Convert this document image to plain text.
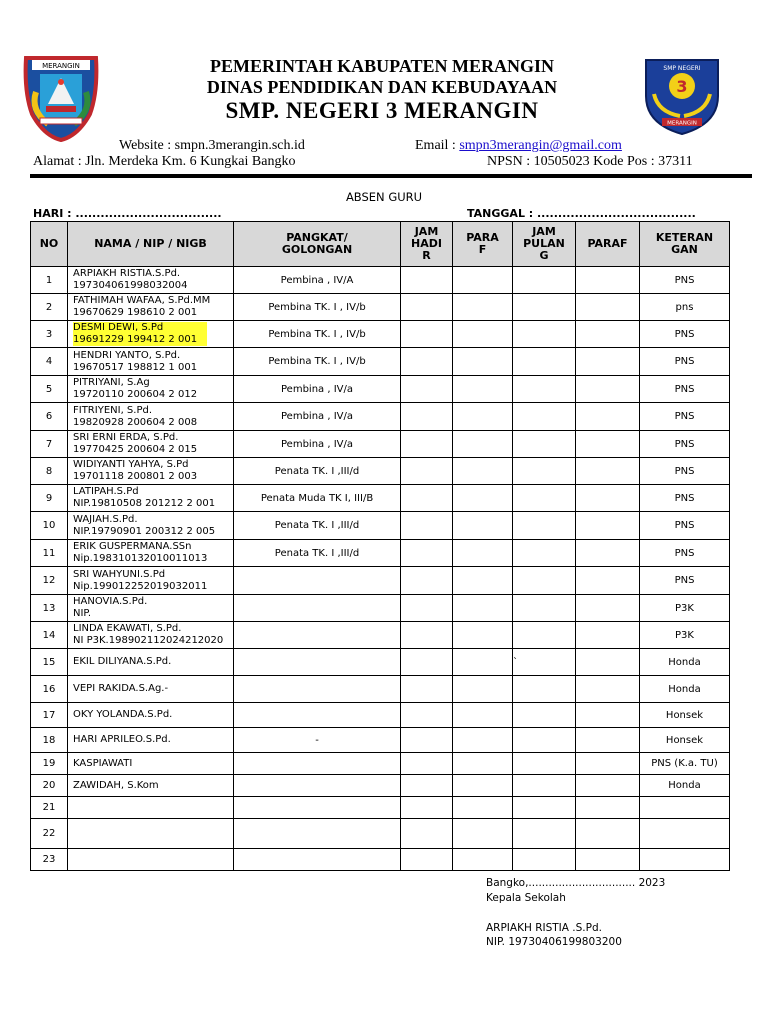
MERANGIN	SMP NEGERI
3
MERANGIN
PEMERINTAH KABUPATEN MERANGIN
DINAS PENDIDIKAN DAN KEBUDAYAAN
SMP. NEGERI 3 MERANGIN
Website : smpn.3merangin.sch.id	Email : smpn3merangin@gmail.com
Alamat : Jln. Merdeka Km. 6 Kungkai Bangko	NPSN : 10505023 Kode Pos : 37311
ABSEN GURU
HARI : ...................................	TANGGAL : ......................................
NO	NAMA / NIP / NIGB	PANGKAT/
GOLONGAN	JAM
HADI
R	PARA
F	JAM
PULAN
G	PARAF	KETERAN
GAN
1	ARPIAKH RISTIA.S.Pd.
197304061998032004	Pembina , IV/A					PNS
2	FATHIMAH WAFAA, S.Pd.MM
19670629 198610 2 001	Pembina TK. I , IV/b					pns
3	DESMI DEWI, S.Pd
19691229 199412 2 001	Pembina TK. I , IV/b					PNS
4	HENDRI YANTO, S.Pd.
19670517 198812 1 001	Pembina TK. I , IV/b					PNS
5	PITRIYANI, S.Ag
19720110 200604 2 012	Pembina , IV/a					PNS
6	FITRIYENI, S.Pd.
19820928 200604 2 008	Pembina , IV/a					PNS
7	SRI ERNI ERDA, S.Pd.
19770425 200604 2 015	Pembina , IV/a					PNS
8	WIDIYANTI YAHYA, S.Pd
19701118 200801 2 003	Penata TK. I ,III/d					PNS
9	LATIPAH.S.Pd
NIP.19810508 201212 2 001	Penata Muda TK I, III/B					PNS
10	WAJIAH.S.Pd.
NIP.19790901 200312 2 005	Penata TK. I ,III/d					PNS
11	ERIK GUSPERMANA.SSn
Nip.198310132010011013	Penata TK. I ,III/d					PNS
12	SRI WAHYUNI.S.Pd
Nip.199012252019032011						PNS
13	HANOVIA.S.Pd.
NIP.						P3K
14	LINDA EKAWATI, S.Pd.
NI P3K.198902112024212020						P3K
15	EKIL DILIYANA.S.Pd.				`		Honda
16	VEPI RAKIDA.S.Ag.-						Honda
17	OKY YOLANDA.S.Pd.						Honsek
18	HARI APRILEO.S.Pd.	-					Honsek
19	KASPIAWATI						PNS (K.a. TU)
20	ZAWIDAH, S.Kom						Honda
21							
22							
23							
Bangko,................................ 2023
Kepala Sekolah
ARPIAKH RISTIA .S.Pd.
NIP. 19730406199803200
